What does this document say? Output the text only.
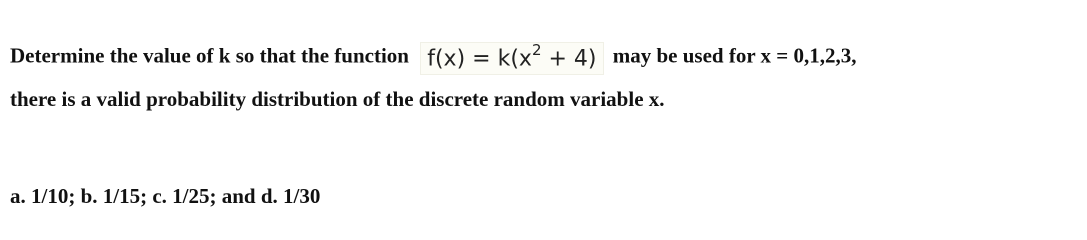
Determine the value of k so that the function $f(x) = k(x^2 + 4)$ may be used for x = 0,1,2,3,
there is a valid probability distribution of the discrete random variable x.
a. 1/10; b. 1/15; c. 1/25; and d. 1/30
